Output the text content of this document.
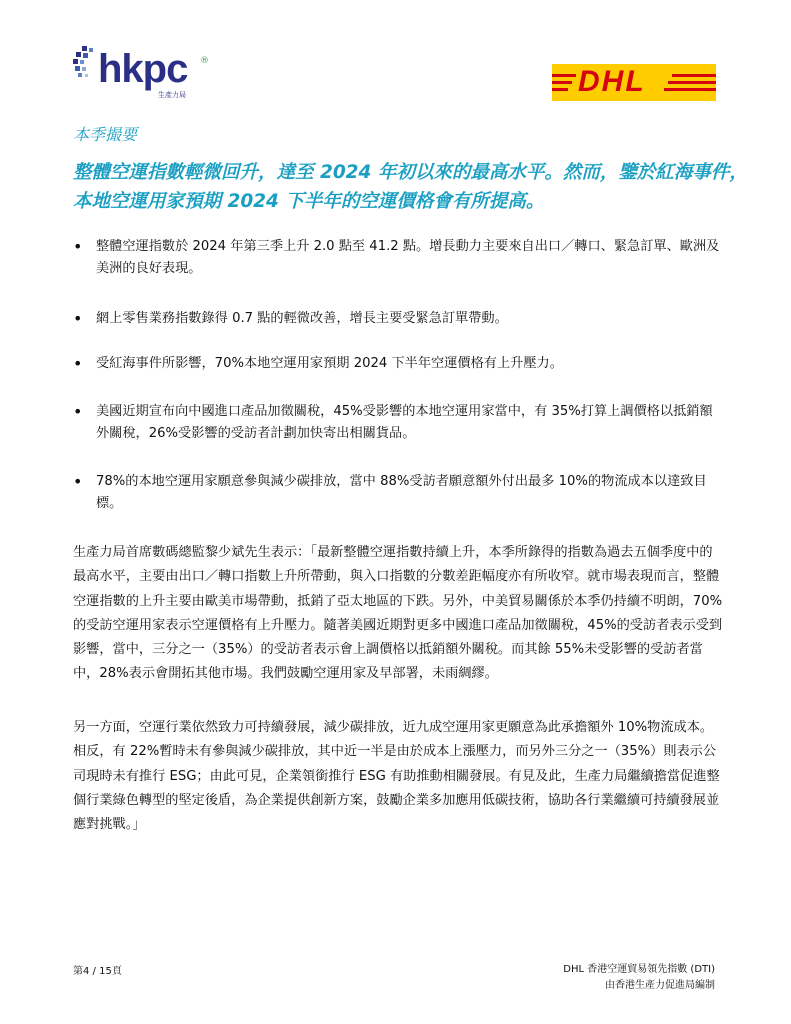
hkpc ®
生產力局	DHL
本季撮要
整體空運指數輕微回升，達至 2024 年初以來的最高水平。然而，鑒於紅海事件，
本地空運用家預期 2024 下半年的空運價格會有所提高。
• 整體空運指數於 2024 年第三季上升 2.0 點至 41.2 點。增長動力主要來自出口／轉口、緊急訂單、歐洲及美洲的良好表現。
• 網上零售業務指數錄得 0.7 點的輕微改善，增長主要受緊急訂單帶動。
• 受紅海事件所影響，70%本地空運用家預期 2024 下半年空運價格有上升壓力。
• 美國近期宣布向中國進口產品加徵關稅，45%受影響的本地空運用家當中，有 35%打算上調價格以抵銷額外關稅，26%受影響的受訪者計劃加快寄出相關貨品。
• 78%的本地空運用家願意參與減少碳排放，當中 88%受訪者願意額外付出最多 10%的物流成本以達致目標。

生產力局首席數碼總監黎少斌先生表示：「最新整體空運指數持續上升，本季所錄得的指數為過去五個季度中的最高水平，主要由出口／轉口指數上升所帶動，與入口指數的分數差距幅度亦有所收窄。就市場表現而言，整體空運指數的上升主要由歐美市場帶動，抵銷了亞太地區的下跌。另外，中美貿易關係於本季仍持續不明朗，70%的受訪空運用家表示空運價格有上升壓力。隨著美國近期對更多中國進口產品加徵關稅，45%的受訪者表示受到影響，當中，三分之一（35%）的受訪者表示會上調價格以抵銷額外關稅。而其餘 55%未受影響的受訪者當中，28%表示會開拓其他市場。我們鼓勵空運用家及早部署，未雨綢繆。

另一方面，空運行業依然致力可持續發展，減少碳排放，近九成空運用家更願意為此承擔額外 10%物流成本。相反，有 22%暫時未有參與減少碳排放，其中近一半是由於成本上漲壓力，而另外三分之一（35%）則表示公司現時未有推行 ESG；由此可見，企業領銜推行 ESG 有助推動相關發展。有見及此，生產力局繼續擔當促進整個行業綠色轉型的堅定後盾，為企業提供創新方案，鼓勵企業多加應用低碳技術，協助各行業繼續可持續發展並應對挑戰。」

第4 / 15頁	DHL 香港空運貿易領先指數 (DTI)
由香港生產力促進局編制
